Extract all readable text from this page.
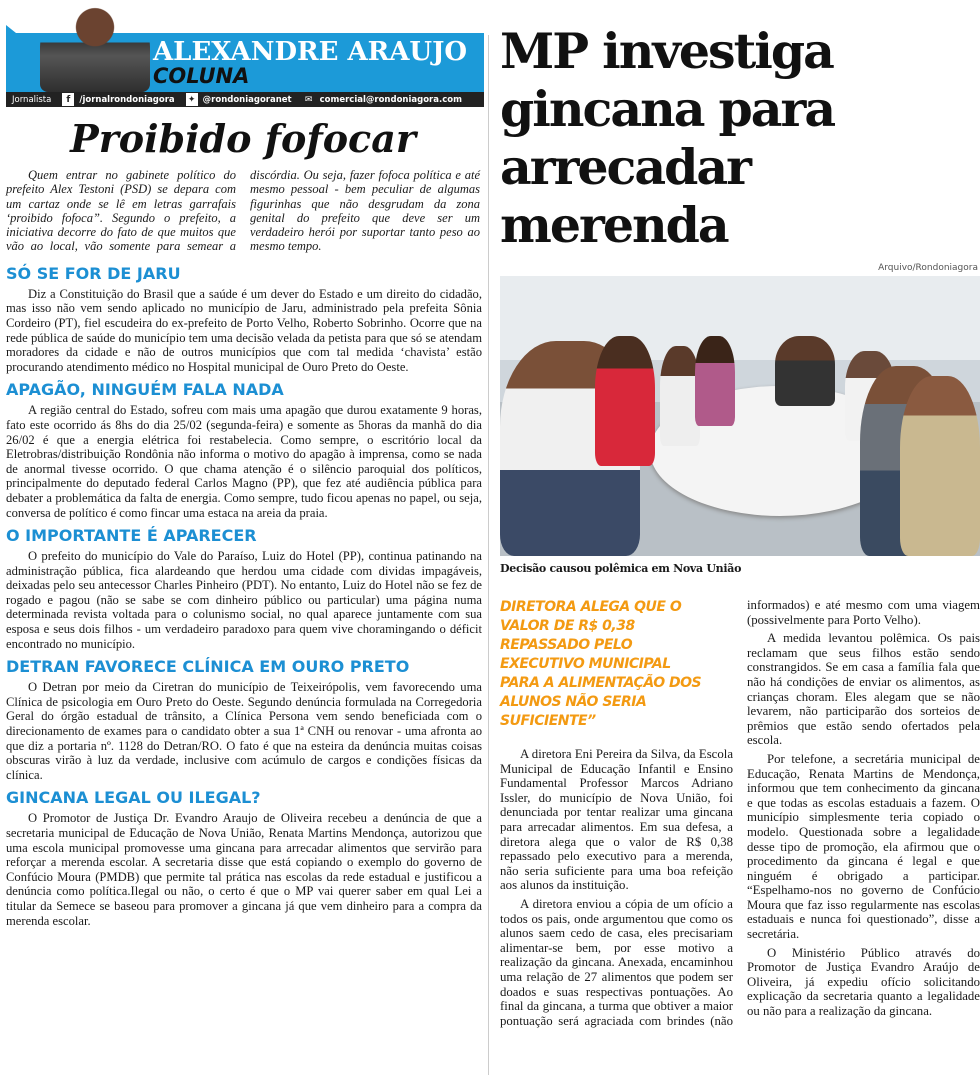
ALEXANDRE ARAUJO
COLUNA
Jornalista	f	/jornalrondoniagora ✦ @rondoniagoranet ✉ comercial@rondoniagora.com
Proibido fofocar

Quem entrar no gabinete político do prefeito Alex Testoni (PSD) se depara com um cartaz onde se lê em letras garrafais ‘proibido fofoca”. Segundo o prefeito, a iniciativa decorre do fato de que muitos que vão ao local, vão somente para semear a discórdia. Ou seja, fazer fofoca política e até mesmo pessoal - bem peculiar de algumas figurinhas que não desgrudam da zona genital do prefeito que deve ser um verdadeiro herói por suportar tanto peso ao mesmo tempo.

SÓ SE FOR DE JARU

Diz a Constituição do Brasil que a saúde é um dever do Estado e um direito do cidadão, mas isso não vem sendo aplicado no município de Jaru, administrado pela prefeita Sônia Cordeiro (PT), fiel escudeira do ex-prefeito de Porto Velho, Roberto Sobrinho. Ocorre que na rede pública de saúde do município tem uma decisão velada da petista para que só se atendam moradores da cidade e não de outros municípios que com tal medida ‘chavista’ estão procurando atendimento médico no Hospital municipal de Ouro Preto do Oeste.

APAGÃO, NINGUÉM FALA NADA

A região central do Estado, sofreu com mais uma apagão que durou exatamente 9 horas, fato este ocorrido ás 8hs do dia 25/02 (segunda-feira) e somente as 5horas da manhã do dia 26/02 é que a energia elétrica foi restabelecia. Como sempre, o escritório local da Eletrobras/distribuição Rondônia não informa o motivo do apagão à imprensa, como se nada de anormal tivesse ocorrido. O que chama atenção é o silêncio paroquial dos políticos, principalmente do deputado federal Carlos Magno (PP), que fez até audiência pública para debater a problemática da falta de energia. Como sempre, tudo ficou apenas no papel, ou seja, conversa de político é como fincar uma estaca na areia da praia.

O IMPORTANTE É APARECER

O prefeito do município do Vale do Paraíso, Luiz do Hotel (PP), continua patinando na administração pública, fica alardeando que herdou uma cidade com dividas impagáveis, deixadas pelo seu antecessor Charles Pinheiro (PDT). No entanto, Luiz do Hotel não se fez de rogado e pagou (não se sabe se com dinheiro público ou particular) uma página numa determinada revista voltada para o colunismo social, no qual aparece juntamente com sua esposa e seus dois filhos - um verdadeiro paradoxo para quem vive choramingando o déficit encontrado no município.

DETRAN FAVORECE CLÍNICA EM OURO PRETO

O Detran por meio da Ciretran do município de Teixeirópolis, vem favorecendo uma Clínica de psicologia em Ouro Preto do Oeste. Segundo denúncia formulada na Corregedoria Geral do órgão estadual de trânsito, a Clínica Persona vem sendo beneficiada com o direcionamento de exames para o candidato obter a sua 1ª CNH ou renovar - uma afronta ao que diz a portaria nº. 1128 do Detran/RO. O fato é que na esteira da denúncia muitas coisas obscuras virão à luz da verdade, inclusive com acúmulo de cargos e condições físicas da clínica.

GINCANA LEGAL OU ILEGAL?

O Promotor de Justiça Dr. Evandro Araujo de Oliveira recebeu a denúncia de que a secretaria municipal de Educação de Nova União, Renata Martins Mendonça, autorizou que uma escola municipal promovesse uma gincana para arrecadar alimentos que servirão para reforçar a merenda escolar. A secretaria disse que está copiando o exemplo do governo de Confúcio Moura (PMDB) que permite tal prática nas escolas da rede estadual e justificou a denúncia como política.Ilegal ou não, o certo é que o MP vai querer saber em qual Lei a titular da Semece se baseou para promover a gincana já que vem dinheiro para a compra da merenda escolar.

MP investiga gincana para arrecadar merenda
Arquivo/Rondoniagora
Decisão causou polêmica em Nova União
DIRETORA ALEGA QUE O VALOR DE R$ 0,38 REPASSADO PELO EXECUTIVO MUNICIPAL PARA A ALIMENTAÇÃO DOS ALUNOS NÃO SERIA SUFICIENTE”

A diretora Eni Pereira da Silva, da Escola Municipal de Educação Infantil e Ensino Fundamental Professor Marcos Adriano Issler, do município de Nova União, foi denunciada por tentar realizar uma gincana para arrecadar alimentos. Em sua defesa, a diretora alega que o valor de R$ 0,38 repassado pelo executivo para a merenda, não seria suficiente para uma boa refeição aos alunos da instituição.

A diretora enviou a cópia de um ofício a todos os pais, onde argumentou que como os alunos saem cedo de casa, eles precisariam alimentar-se bem, por esse motivo a realização da gincana. Anexada, encaminhou uma relação de 27 alimentos que podem ser doados e suas respectivas pontuações. Ao final da gincana, a turma que obtiver a maior pontuação será agraciada com brindes (não informados) e até mesmo com uma viagem (possivelmente para Porto Velho).

A medida levantou polêmica. Os pais reclamam que seus filhos estão sendo constrangidos. Se em casa a família fala que não há condições de enviar os alimentos, as crianças choram. Eles alegam que se não levarem, não participarão dos sorteios de prêmios que estão sendo ofertados pela escola.

Por telefone, a secretária municipal de Educação, Renata Martins de Mendonça, informou que tem conhecimento da gincana e que todas as escolas estaduais a fazem. O município simplesmente teria copiado o modelo. Questionada sobre a legalidade desse tipo de promoção, ela afirmou que o procedimento da gincana é legal e que ninguém é obrigado a participar. “Espelhamo-nos no governo de Confúcio Moura que faz isso regularmente nas escolas estaduais e nunca foi questionado”, disse a secretária.

O Ministério Público através do Promotor de Justiça Evandro Araújo de Oliveira, já expediu ofício solicitando explicação da secretaria quanto a legalidade ou não para a realização da gincana.
